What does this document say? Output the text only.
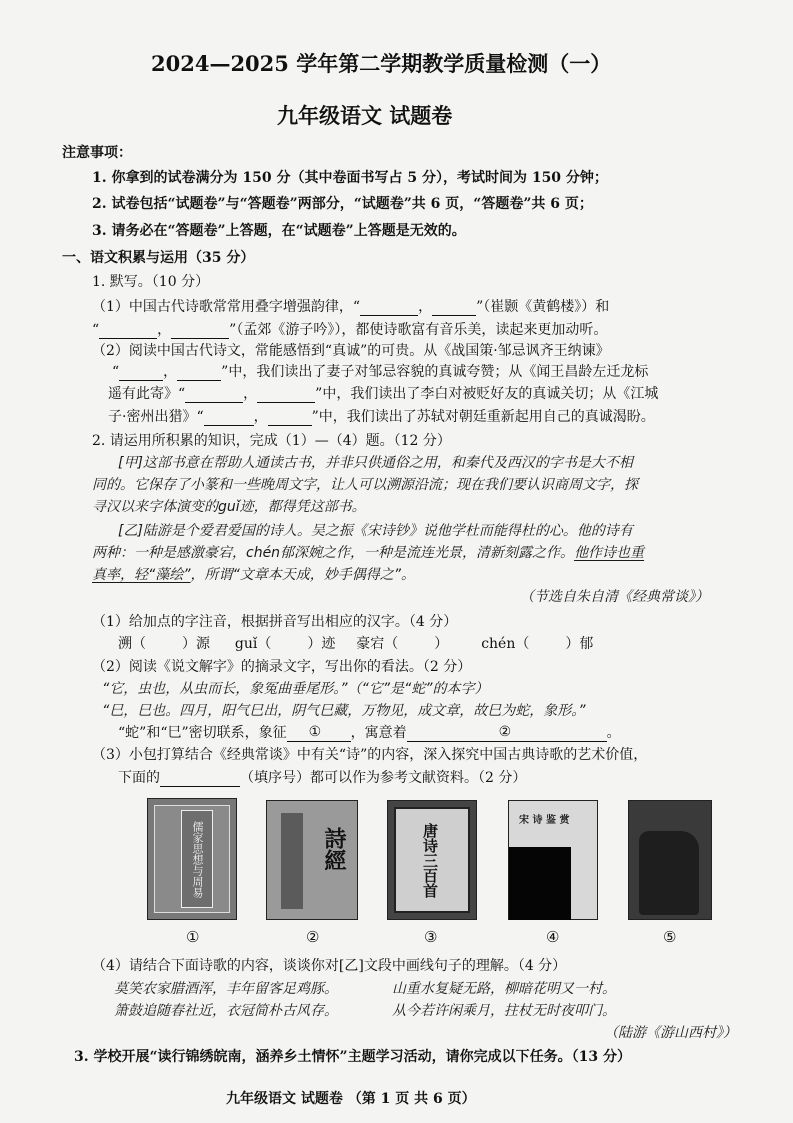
2024—2025 学年第二学期教学质量检测（一）
九年级语文 试题卷
注意事项：
1. 你拿到的试卷满分为 150 分（其中卷面书写占 5 分），考试时间为 150 分钟；
2. 试卷包括“试题卷”与“答题卷”两部分，“试题卷”共 6 页，“答题卷”共 6 页；
3. 请务必在“答题卷”上答题，在“试题卷”上答题是无效的。
一、语文积累与运用（35 分）
1. 默写。（10 分）
（1）中国古代诗歌常常用叠字增强韵律，“	，	”（崔颢《黄鹤楼》）和
“	，	”（孟郊《游子吟》），都使诗歌富有音乐美，读起来更加动听。
（2）阅读中国古代诗文，常能感悟到“真诚”的可贵。从《战国策·邹忌讽齐王纳谏》
“	，	”中，我们读出了妻子对邹忌容貌的真诚夸赞；从《闻王昌龄左迁龙标
遥有此寄》“	，	”中，我们读出了李白对被贬好友的真诚关切；从《江城
子·密州出猎》“	，	”中，我们读出了苏轼对朝廷重新起用自己的真诚渴盼。
2. 请运用所积累的知识，完成（1）—（4）题。（12 分）
[甲]这部书意在帮助人通读古书，并非只供通俗之用，和秦代及西汉的字书是大不相
同的。它保存了小篆和一些晚周文字，让人可以溯源沿流；现在我们要认识商周文字，探
寻汉以来字体演变的guǐ迹，都得凭这部书。
[乙]陆游是个爱君爱国的诗人。吴之振《宋诗钞》说他学杜而能得杜的心。他的诗有
两种：一种是感激豪宕，chén郁深婉之作，一种是流连光景，清新刻露之作。他作诗也重
真率，轻“藻绘”，所谓“文章本天成，妙手偶得之”。
（节选自朱自清《经典常谈》）
（1）给加点的字注音，根据拼音写出相应的汉字。（4 分）
溯（	）源 guǐ（	）迹 豪宕（	） chén（	）郁
（2）阅读《说文解字》的摘录文字，写出你的看法。（2 分）
“它，虫也，从虫而长，象冤曲垂尾形。”（“它”是“蛇”的本字）
“巳，巳也。四月，阳气巳出，阴气巳藏，万物见，成文章，故巳为蛇，象形。”
“蛇”和“巳”密切联系，象征 ① ，寓意着	②	。
（3）小包打算结合《经典常谈》中有关“诗”的内容，深入探究中国古典诗歌的艺术价值，
下面的	（填序号）都可以作为参考文献资料。（2 分）
儒家思想与周易
①
詩經
②
唐诗三百首
③
宋 诗 鉴 赏
④	⑤
（4）请结合下面诗歌的内容，谈谈你对[乙]文段中画线句子的理解。（4 分）
莫笑农家腊酒浑，丰年留客足鸡豚。	山重水复疑无路，柳暗花明又一村。
箫鼓追随春社近，衣冠简朴古风存。	从今若许闲乘月，拄杖无时夜叩门。
（陆游《游山西村》）
3. 学校开展“读行锦绣皖南，涵养乡土情怀”主题学习活动，请你完成以下任务。（13 分）
九年级语文 试题卷 （第 1 页 共 6 页）
